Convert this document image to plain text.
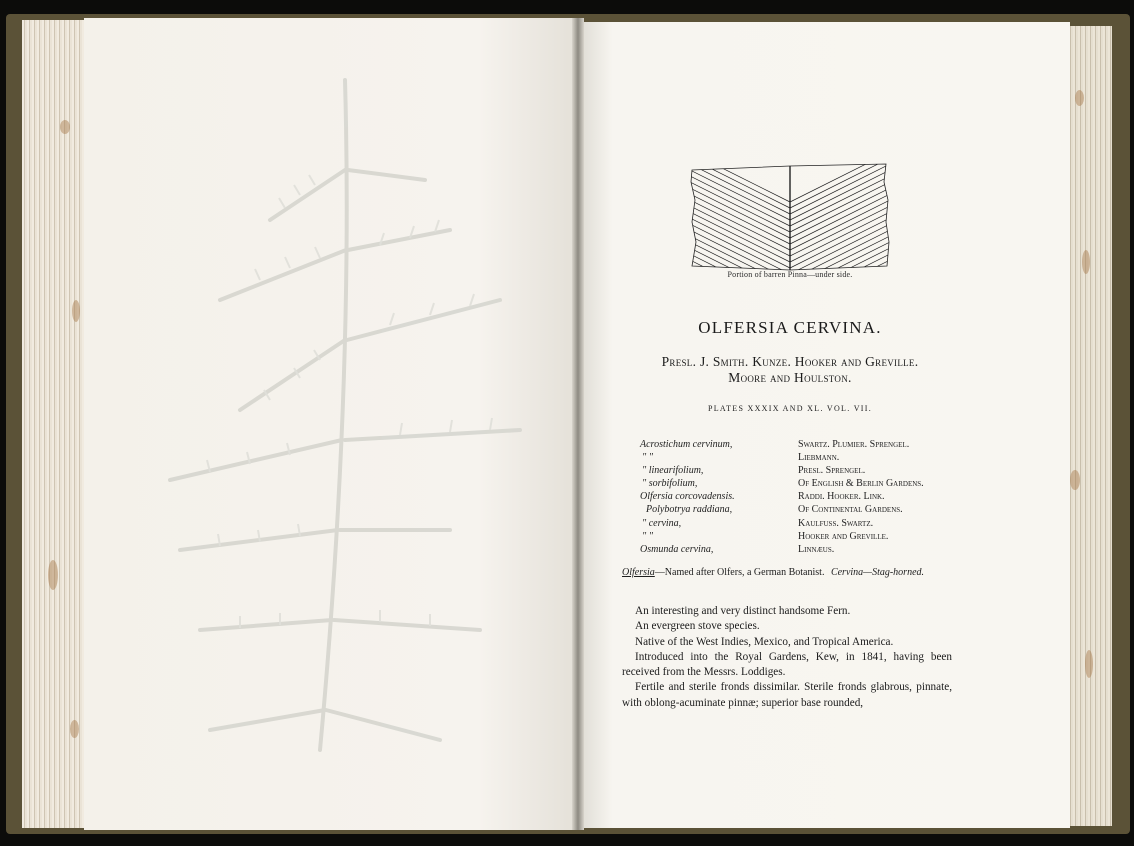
Portion of barren Pinna—under side.
OLFERSIA CERVINA.
Presl. J. Smith. Kunze. Hooker and Greville.
Moore and Houlston.
PLATES XXXIX AND XL. VOL. VII.
Acrostichum cervinum,
" "
" linearifolium,
" sorbifolium,
Olfersia corcovadensis.
Polybotrya raddiana,
" cervina,
" "
Osmunda cervina,
Swartz. Plumier. Sprengel.
Liebmann.
Presl. Sprengel.
Of English & Berlin Gardens.
Raddi. Hooker. Link.
Of Continental Gardens.
Kaulfuss. Swartz.
Hooker and Greville.
Linnæus.
Olfersia—Named after Olfers, a German Botanist. Cervina—Stag-horned.

An interesting and very distinct handsome Fern.

An evergreen stove species.

Native of the West Indies, Mexico, and Tropical America.

Introduced into the Royal Gardens, Kew, in 1841, having been received from the Messrs. Loddiges.

Fertile and sterile fronds dissimilar. Sterile fronds glabrous, pinnate, with oblong-acuminate pinnæ; superior base rounded,
